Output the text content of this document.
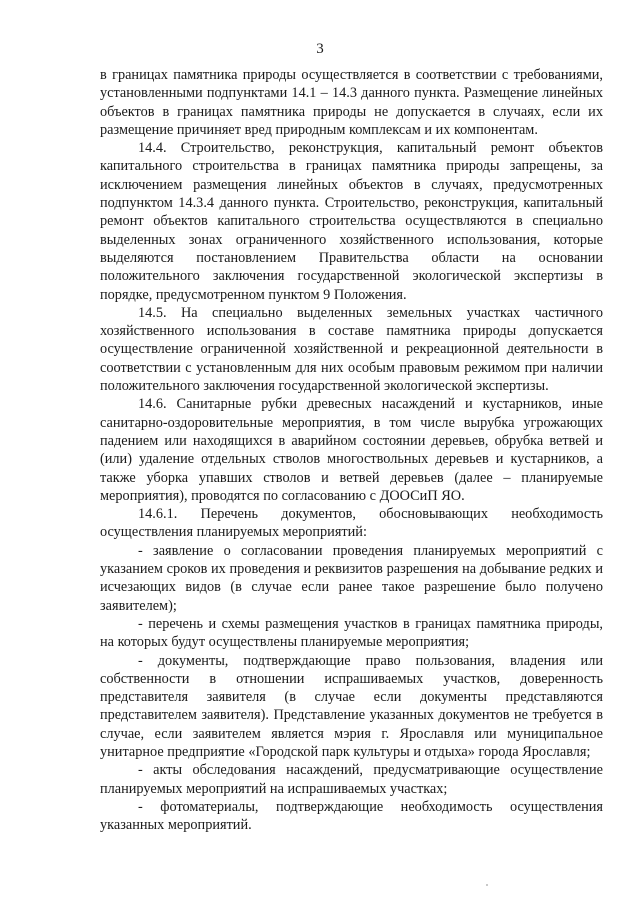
3

в границах памятника природы осуществляется в соответствии с требованиями, установленными подпунктами 14.1 – 14.3 данного пункта. Размещение линейных объектов в границах памятника природы не допускается в случаях, если их размещение причиняет вред природным комплексам и их компонентам.

14.4. Строительство, реконструкция, капитальный ремонт объектов капитального строительства в границах памятника природы запрещены, за исключением размещения линейных объектов в случаях, предусмотренных подпунктом 14.3.4 данного пункта. Строительство, реконструкция, капитальный ремонт объектов капитального строительства осуществляются в специально выделенных зонах ограниченного хозяйственного использования, которые выделяются постановлением Правительства области на основании положительного заключения государственной экологической экспертизы в порядке, предусмотренном пунктом 9 Положения.

14.5. На специально выделенных земельных участках частичного хозяйственного использования в составе памятника природы допускается осуществление ограниченной хозяйственной и рекреационной деятельности в соответствии с установленным для них особым правовым режимом при наличии положительного заключения государственной экологической экспертизы.

14.6. Санитарные рубки древесных насаждений и кустарников, иные санитарно-оздоровительные мероприятия, в том числе вырубка угрожающих падением или находящихся в аварийном состоянии деревьев, обрубка ветвей и (или) удаление отдельных стволов многоствольных деревьев и кустарников, а также уборка упавших стволов и ветвей деревьев (далее – планируемые мероприятия), проводятся по согласованию с ДООСиП ЯО.

14.6.1. Перечень документов, обосновывающих необходимость осуществления планируемых мероприятий:

- заявление о согласовании проведения планируемых мероприятий с указанием сроков их проведения и реквизитов разрешения на добывание редких и исчезающих видов (в случае если ранее такое разрешение было получено заявителем);

- перечень и схемы размещения участков в границах памятника природы, на которых будут осуществлены планируемые мероприятия;

- документы, подтверждающие право пользования, владения или собственности в отношении испрашиваемых участков, доверенность представителя заявителя (в случае если документы представляются представителем заявителя). Представление указанных документов не требуется в случае, если заявителем является мэрия г. Ярославля или муниципальное унитарное предприятие «Городской парк культуры и отдыха» города Ярославля;

- акты обследования насаждений, предусматривающие осуществление планируемых мероприятий на испрашиваемых участках;

- фотоматериалы, подтверждающие необходимость осуществления указанных мероприятий.
